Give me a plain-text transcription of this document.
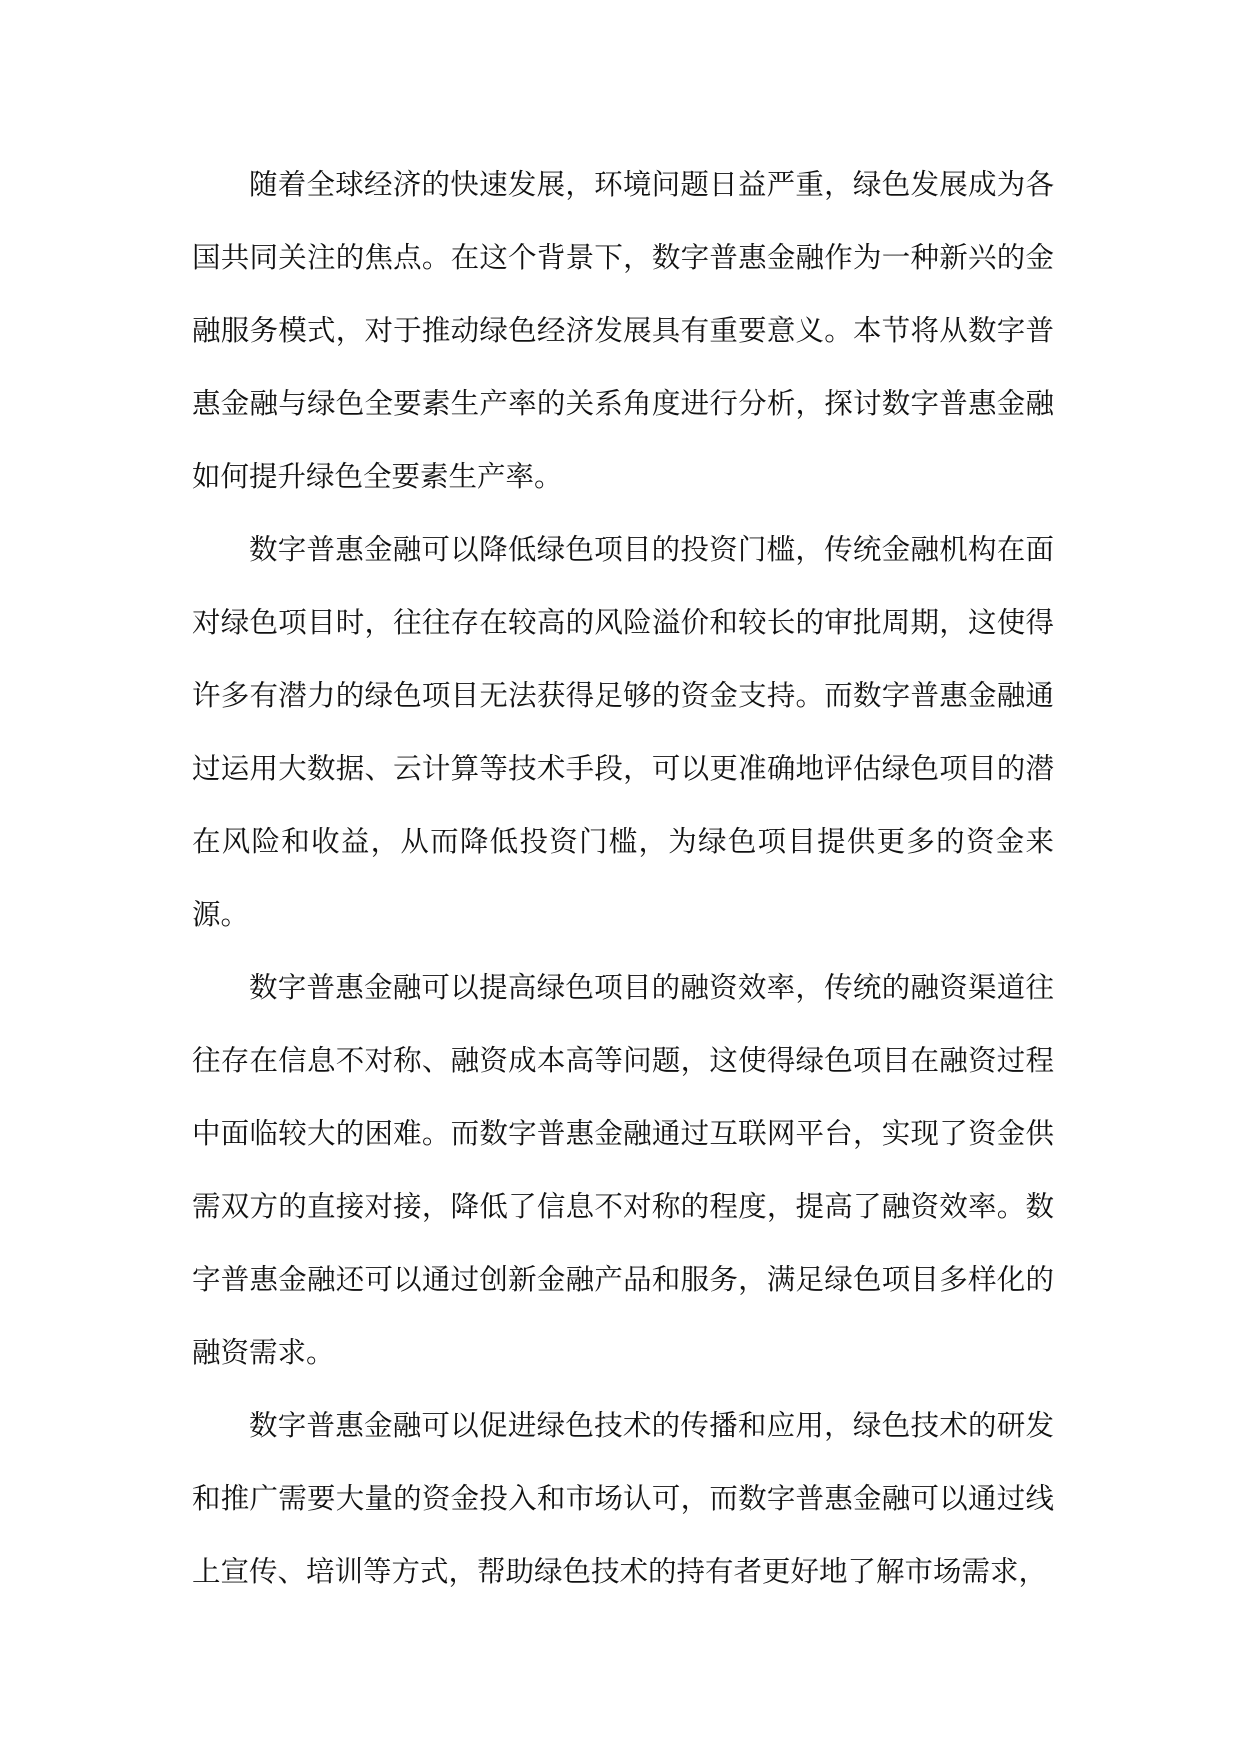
随着全球经济的快速发展，环境问题日益严重，绿色发展成为各国共同关注的焦点。在这个背景下，数字普惠金融作为一种新兴的金融服务模式，对于推动绿色经济发展具有重要意义。本节将从数字普惠金融与绿色全要素生产率的关系角度进行分析，探讨数字普惠金融如何提升绿色全要素生产率。

数字普惠金融可以降低绿色项目的投资门槛，传统金融机构在面对绿色项目时，往往存在较高的风险溢价和较长的审批周期，这使得许多有潜力的绿色项目无法获得足够的资金支持。而数字普惠金融通过运用大数据、云计算等技术手段，可以更准确地评估绿色项目的潜在风险和收益，从而降低投资门槛，为绿色项目提供更多的资金来源。

数字普惠金融可以提高绿色项目的融资效率，传统的融资渠道往往存在信息不对称、融资成本高等问题，这使得绿色项目在融资过程中面临较大的困难。而数字普惠金融通过互联网平台，实现了资金供需双方的直接对接，降低了信息不对称的程度，提高了融资效率。数字普惠金融还可以通过创新金融产品和服务，满足绿色项目多样化的融资需求。

数字普惠金融可以促进绿色技术的传播和应用，绿色技术的研发和推广需要大量的资金投入和市场认可，而数字普惠金融可以通过线上宣传、培训等方式，帮助绿色技术的持有者更好地了解市场需求，
